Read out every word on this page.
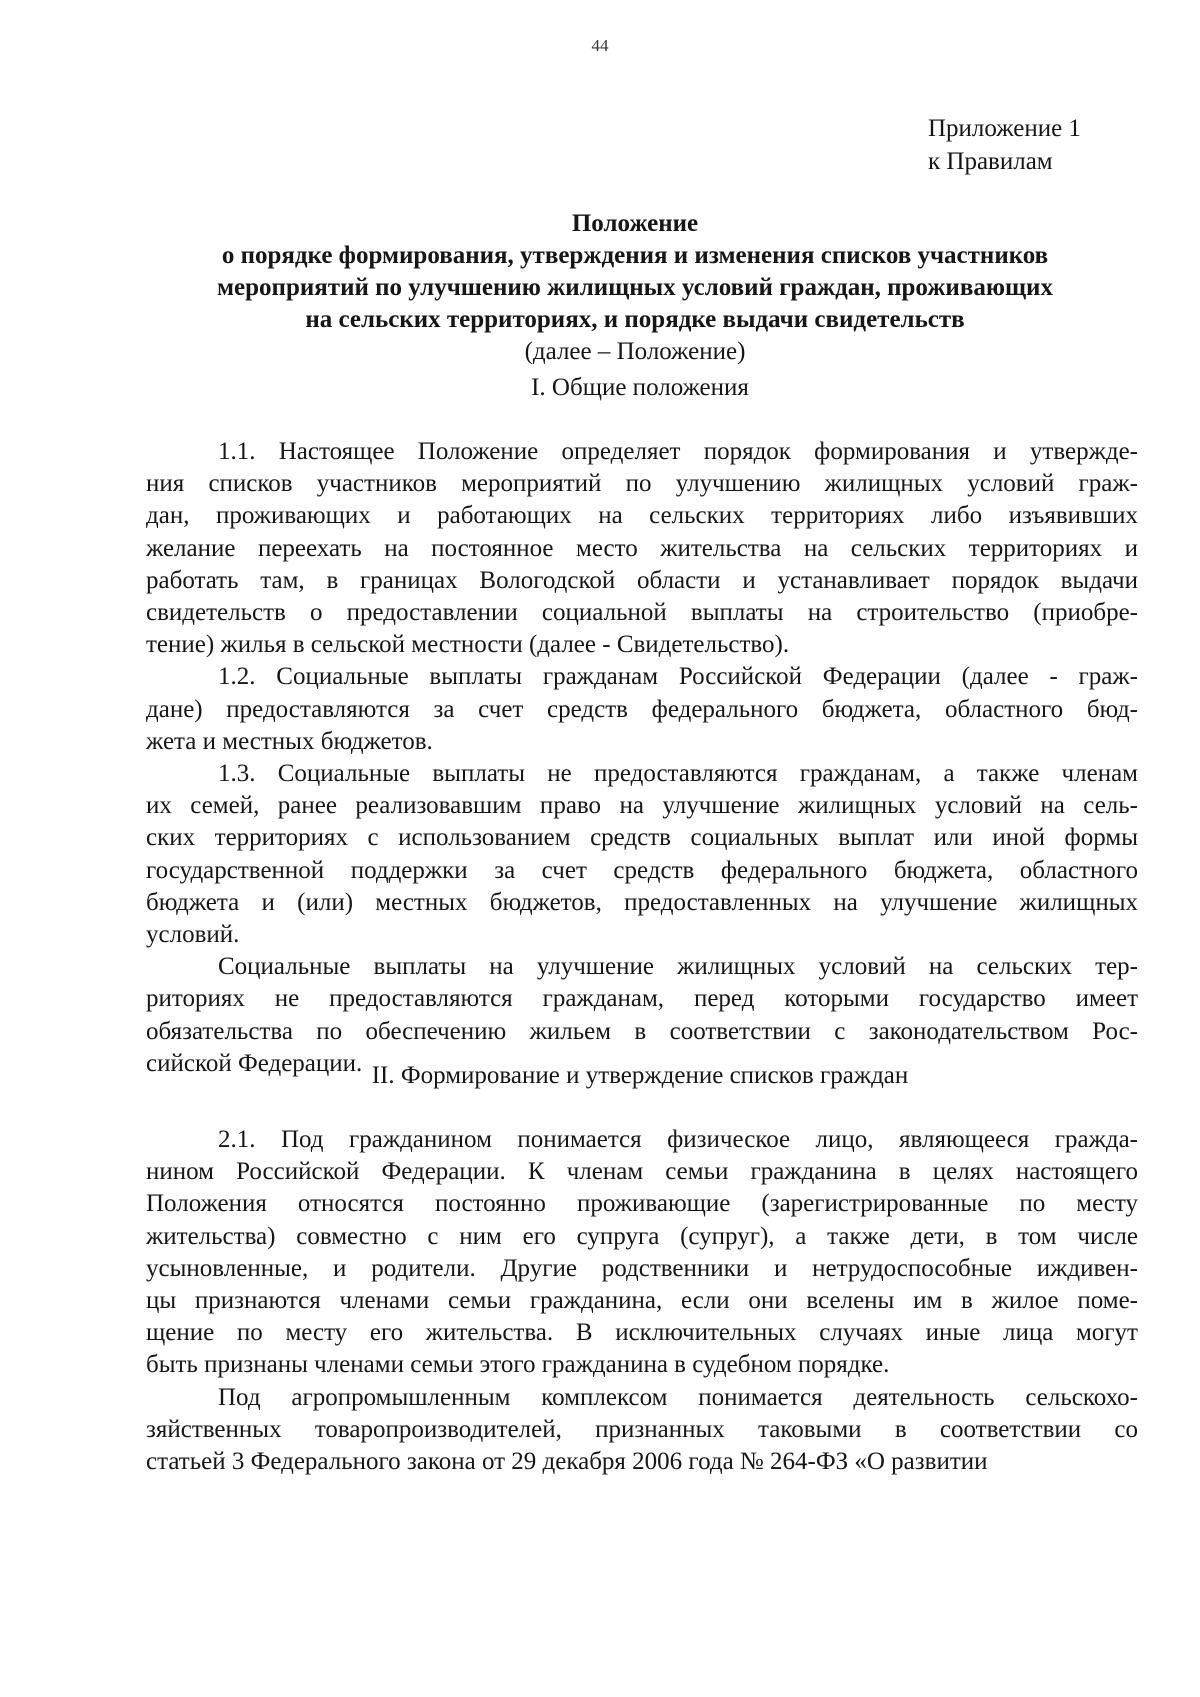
44
Приложение 1
к Правилам
Положение
о порядке формирования, утверждения и изменения списков участников
мероприятий по улучшению жилищных условий граждан, проживающих
на сельских территориях, и порядке выдачи свидетельств
(далее – Положение)
I. Общие положения
1.1. Настоящее Положение определяет порядок формирования и утвержде-
ния списков участников мероприятий по улучшению жилищных условий граж-
дан, проживающих и работающих на сельских территориях либо изъявивших
желание переехать на постоянное место жительства на сельских территориях и
работать там, в границах Вологодской области и устанавливает порядок выдачи
свидетельств о предоставлении социальной выплаты на строительство (приобре-
тение) жилья в сельской местности (далее - Свидетельство).
1.2. Социальные выплаты гражданам Российской Федерации (далее - граж-
дане) предоставляются за счет средств федерального бюджета, областного бюд-
жета и местных бюджетов.
1.3. Социальные выплаты не предоставляются гражданам, а также членам
их семей, ранее реализовавшим право на улучшение жилищных условий на сель-
ских территориях с использованием средств социальных выплат или иной формы
государственной поддержки за счет средств федерального бюджета, областного
бюджета и (или) местных бюджетов, предоставленных на улучшение жилищных
условий.
Социальные выплаты на улучшение жилищных условий на сельских тер-
риториях не предоставляются гражданам, перед которыми государство имеет
обязательства по обеспечению жильем в соответствии с законодательством Рос-
сийской Федерации. II. Формирование и утверждение списков граждан
2.1. Под гражданином понимается физическое лицо, являющееся гражда-
нином Российской Федерации. К членам семьи гражданина в целях настоящего
Положения относятся постоянно проживающие (зарегистрированные по месту
жительства) совместно с ним его супруга (супруг), а также дети, в том числе
усыновленные, и родители. Другие родственники и нетрудоспособные иждивен-
цы признаются членами семьи гражданина, если они вселены им в жилое поме-
щение по месту его жительства. В исключительных случаях иные лица могут
быть признаны членами семьи этого гражданина в судебном порядке.
Под агропромышленным комплексом понимается деятельность сельскохо-
зяйственных товаропроизводителей, признанных таковыми в соответствии со
статьей 3 Федерального закона от 29 декабря 2006 года № 264-ФЗ «О развитии
